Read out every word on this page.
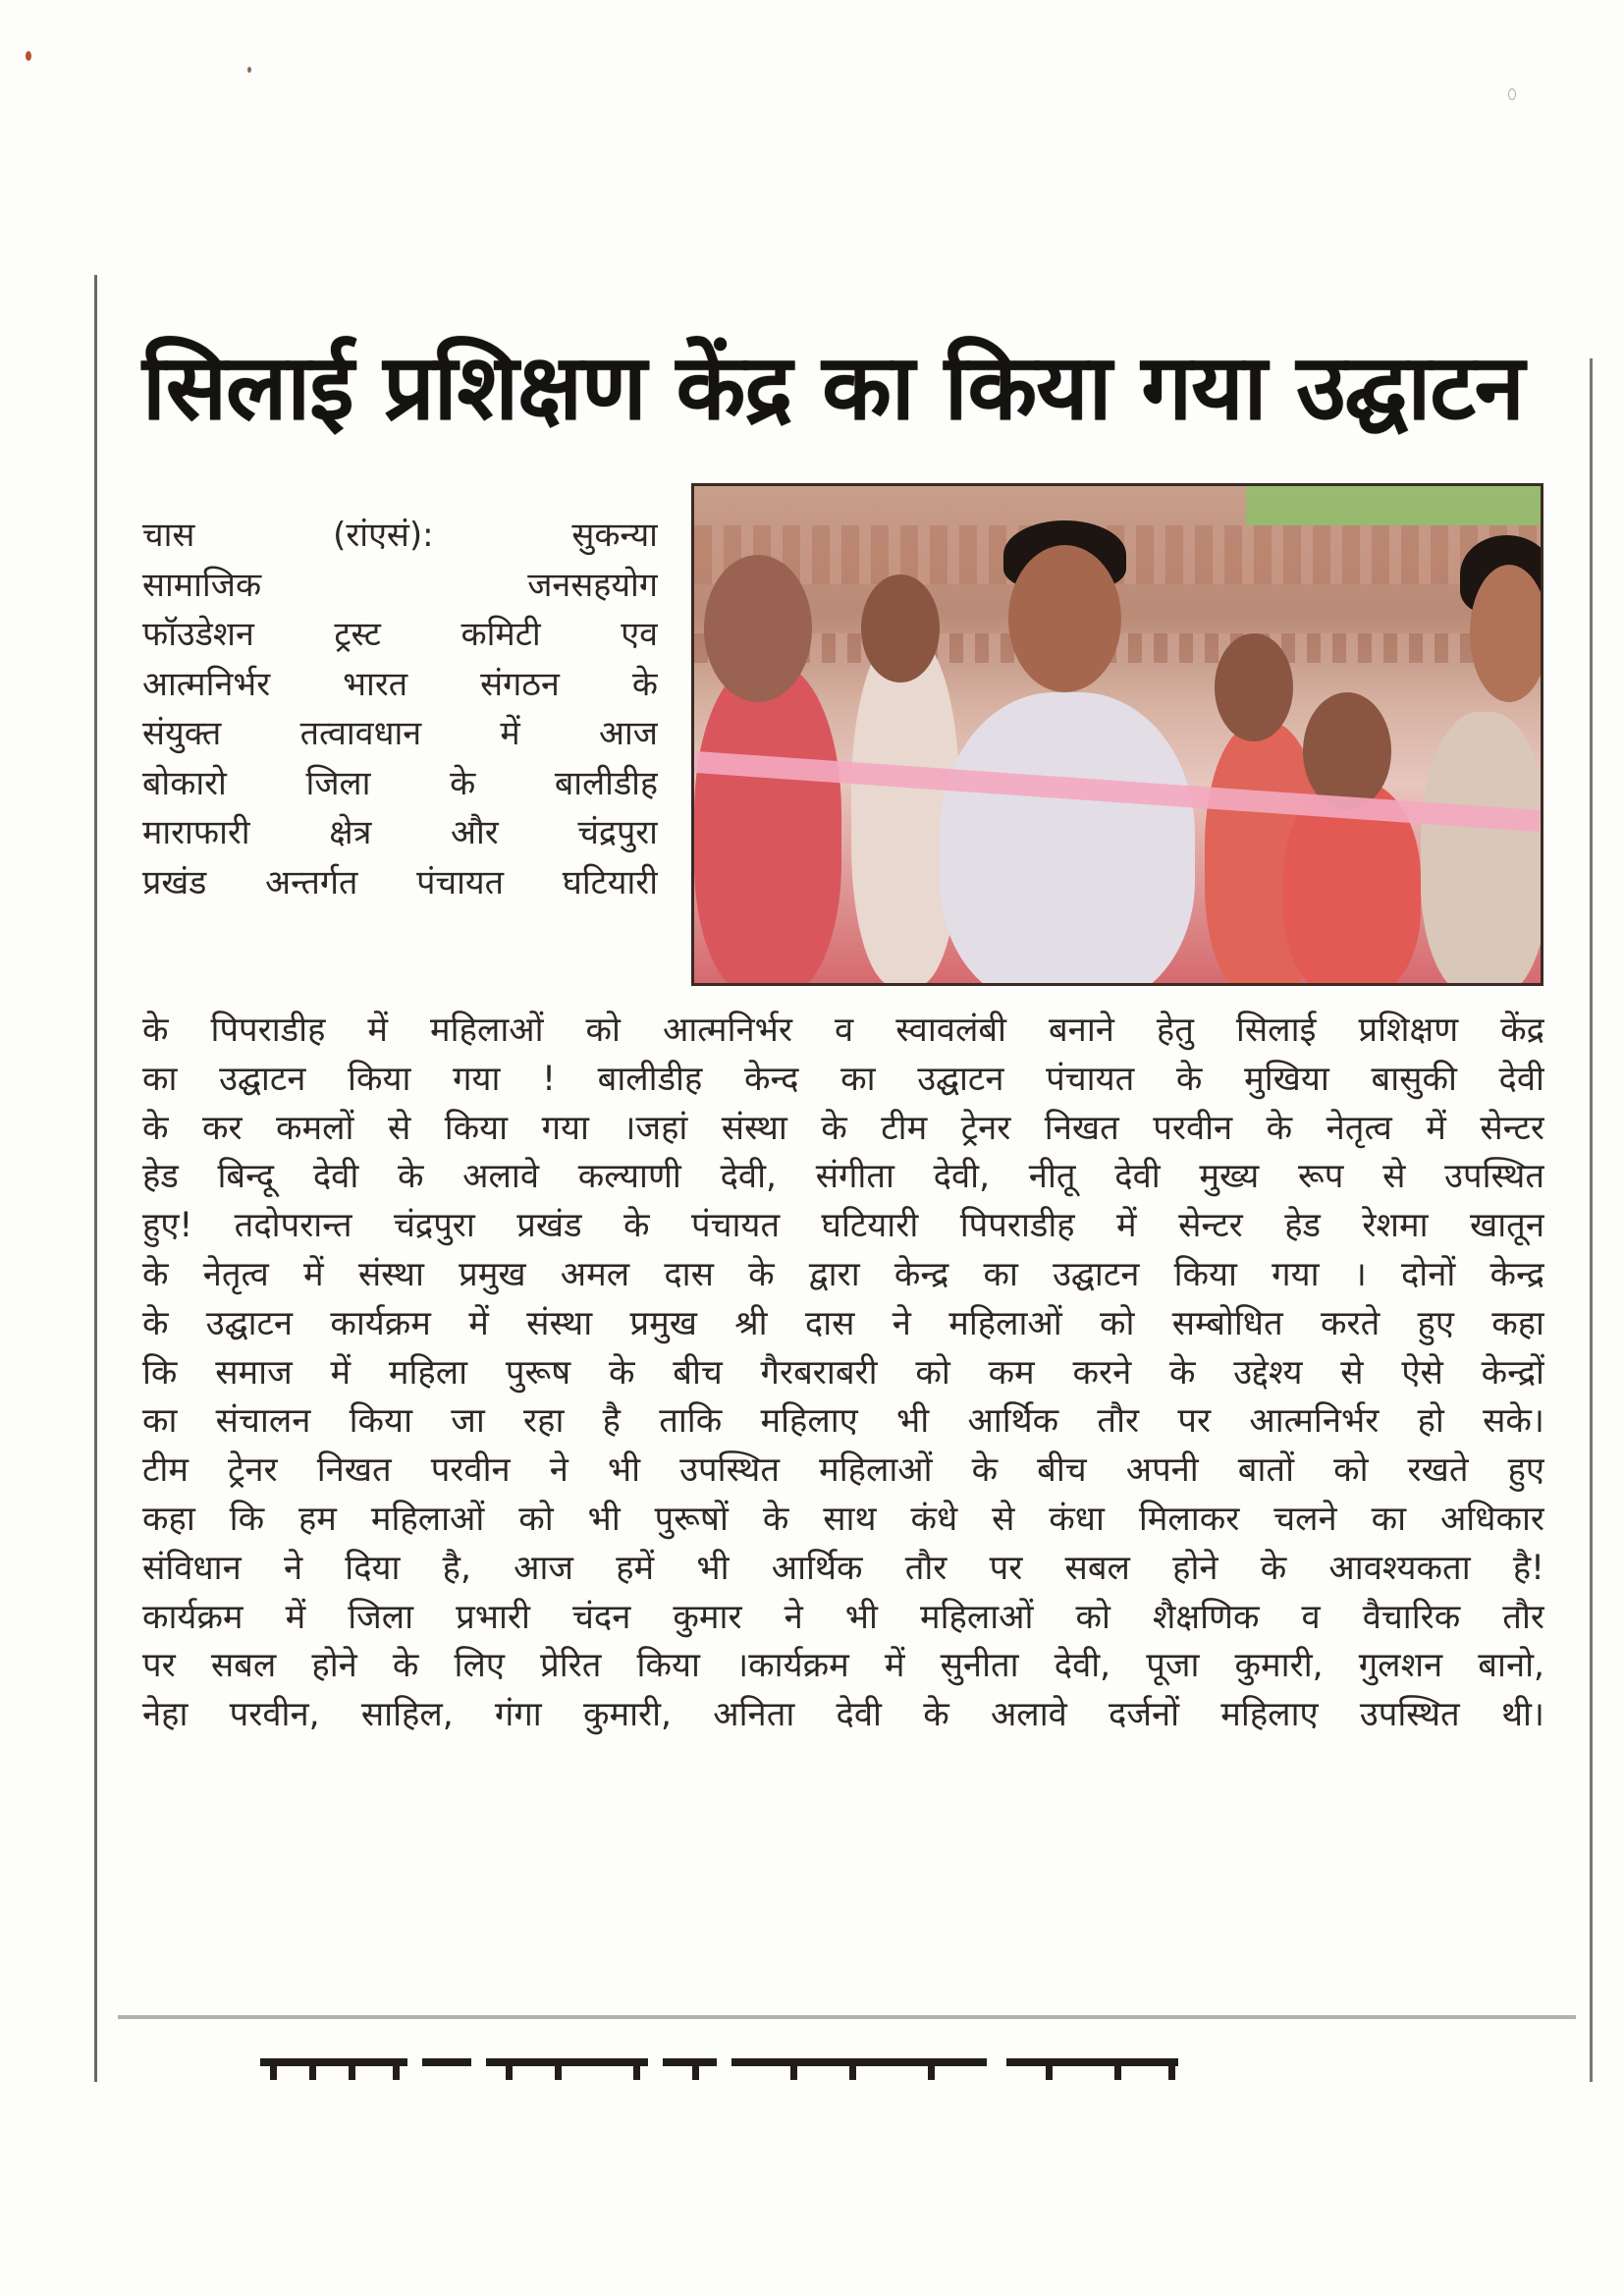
सिलाई प्रशिक्षण केंद्र का किया गया उद्घाटन
चास (रांएसं): सुकन्या
सामाजिक जनसहयोग
फॉउडेशन ट्रस्ट कमिटी एव
आत्मनिर्भर भारत संगठन के
संयुक्त तत्वावधान में आज
बोकारो जिला के बालीडीह
माराफारी क्षेत्र और चंद्रपुरा
प्रखंड अन्तर्गत पंचायत घटियारी
के पिपराडीह में महिलाओं को आत्मनिर्भर व स्वावलंबी बनाने हेतु सिलाई प्रशिक्षण केंद्र
का उद्घाटन किया गया ! बालीडीह केन्द का उद्घाटन पंचायत के मुखिया बासुकी देवी
के कर कमलों से किया गया ।जहां संस्था के टीम ट्रेनर निखत परवीन के नेतृत्व में सेन्टर
हेड बिन्दू देवी के अलावे कल्याणी देवी, संगीता देवी, नीतू देवी मुख्य रूप से उपस्थित
हुए! तदोपरान्त चंद्रपुरा प्रखंड के पंचायत घटियारी पिपराडीह में सेन्टर हेड रेशमा खातून
के नेतृत्व में संस्था प्रमुख अमल दास के द्वारा केन्द्र का उद्घाटन किया गया । दोनों केन्द्र
के उद्घाटन कार्यक्रम में संस्था प्रमुख श्री दास ने महिलाओं को सम्बोधित करते हुए कहा
कि समाज में महिला पुरूष के बीच गैरबराबरी को कम करने के उद्देश्य से ऐसे केन्द्रों
का संचालन किया जा रहा है ताकि महिलाए भी आर्थिक तौर पर आत्मनिर्भर हो सके।
टीम ट्रेनर निखत परवीन ने भी उपस्थित महिलाओं के बीच अपनी बातों को रखते हुए
कहा कि हम महिलाओं को भी पुरूषों के साथ कंधे से कंधा मिलाकर चलने का अधिकार
संविधान ने दिया है, आज हमें भी आर्थिक तौर पर सबल होने के आवश्यकता है!
कार्यक्रम में जिला प्रभारी चंदन कुमार ने भी महिलाओं को शैक्षणिक व वैचारिक तौर
पर सबल होने के लिए प्रेरित किया ।कार्यक्रम में सुनीता देवी, पूजा कुमारी, गुलशन बानो,
नेहा परवीन, साहिल, गंगा कुमारी, अनिता देवी के अलावे दर्जनों महिलाए उपस्थित थी।
